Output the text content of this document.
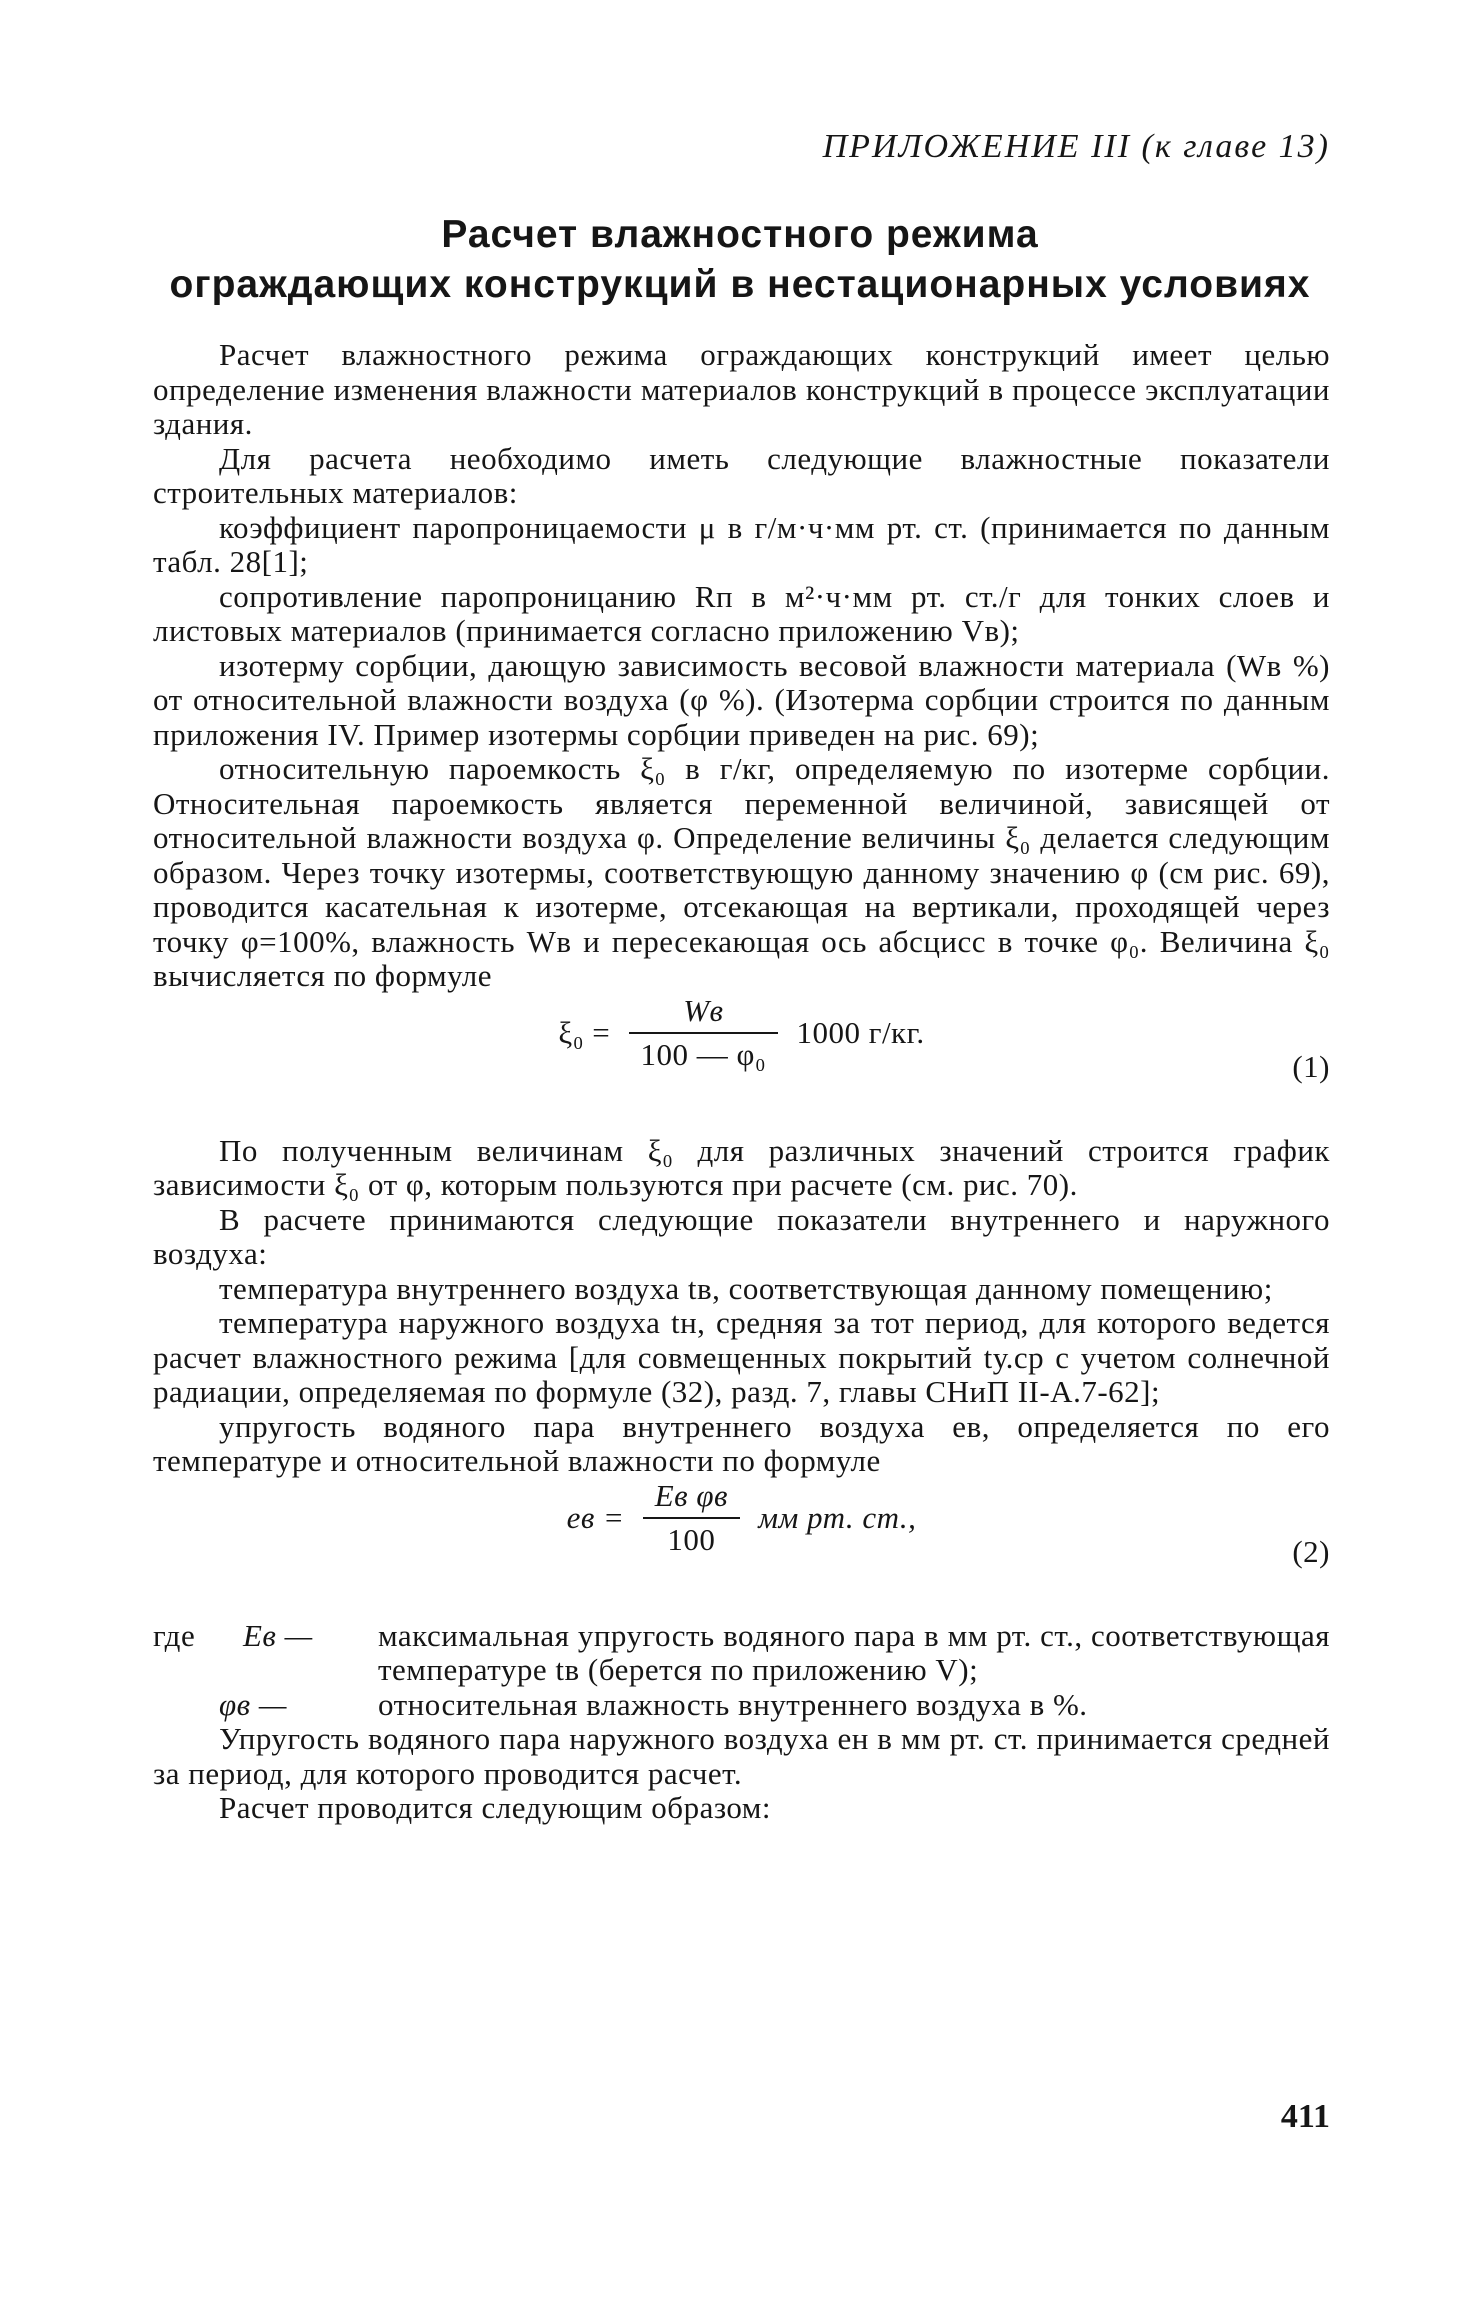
ПРИЛОЖЕНИЕ III (к главе 13)
Расчет влажностного режима
ограждающих конструкций в нестационарных условиях

Расчет влажностного режима ограждающих конструкций имеет целью определение изменения влажности материалов конструкций в процессе эксплуатации здания.

Для расчета необходимо иметь следующие влажностные показатели строительных материалов:

коэффициент паропроницаемости μ в г/м·ч·мм рт. ст. (принимается по данным табл. 28[1];

сопротивление паропроницанию Rп в м²·ч·мм рт. ст./г для тонких слоев и листовых материалов (принимается согласно приложению Vв);

изотерму сорбции, дающую зависимость весовой влажности материала (Wв %) от относительной влажности воздуха (φ %). (Изотерма сорбции строится по данным приложения IV. Пример изотермы сорбции приведен на рис. 69);

относительную пароемкость ξ₀ в г/кг, определяемую по изотерме сорбции. Относительная пароемкость является переменной величиной, зависящей от относительной влажности воздуха φ. Определение величины ξ₀ делается следующим образом. Через точку изотермы, соответствующую данному значению φ (см рис. 69), проводится касательная к изотерме, отсекающая на вертикали, проходящей через точку φ=100%, влажность Wв и пересекающая ось абсцисс в точке φ₀. Величина ξ₀ вычисляется по формуле

$\xi_0 = \frac{Wв}{\text{100 — φ₀}} 1000$ г/кг.
(1)

По полученным величинам ξ₀ для различных значений строится график зависимости ξ₀ от φ, которым пользуются при расчете (см. рис. 70).

В расчете принимаются следующие показатели внутреннего и наружного воздуха:

температура внутреннего воздуха tв, соответствующая данному помещению;

температура наружного воздуха tн, средняя за тот период, для которого ведется расчет влажностного режима [для совмещенных покрытий tу.ср с учетом солнечной радиации, определяемая по формуле (32), разд. 7, главы СНиП II-А.7-62];

упругость водяного пара внутреннего воздуха eв, определяется по его температуре и относительной влажности по формуле

eв = $\frac{\text{Eв φв}}{100}$ мм рт. ст.,
(2)

где Eв — максимальная упругость водяного пара в мм рт. ст., соответствующая температуре tв (берется по приложению V);

φв —	относительная влажность внутреннего воздуха в %.

Упругость водяного пара наружного воздуха eн в мм рт. ст. принимается средней за период, для которого проводится расчет.

Расчет проводится следующим образом:

411
